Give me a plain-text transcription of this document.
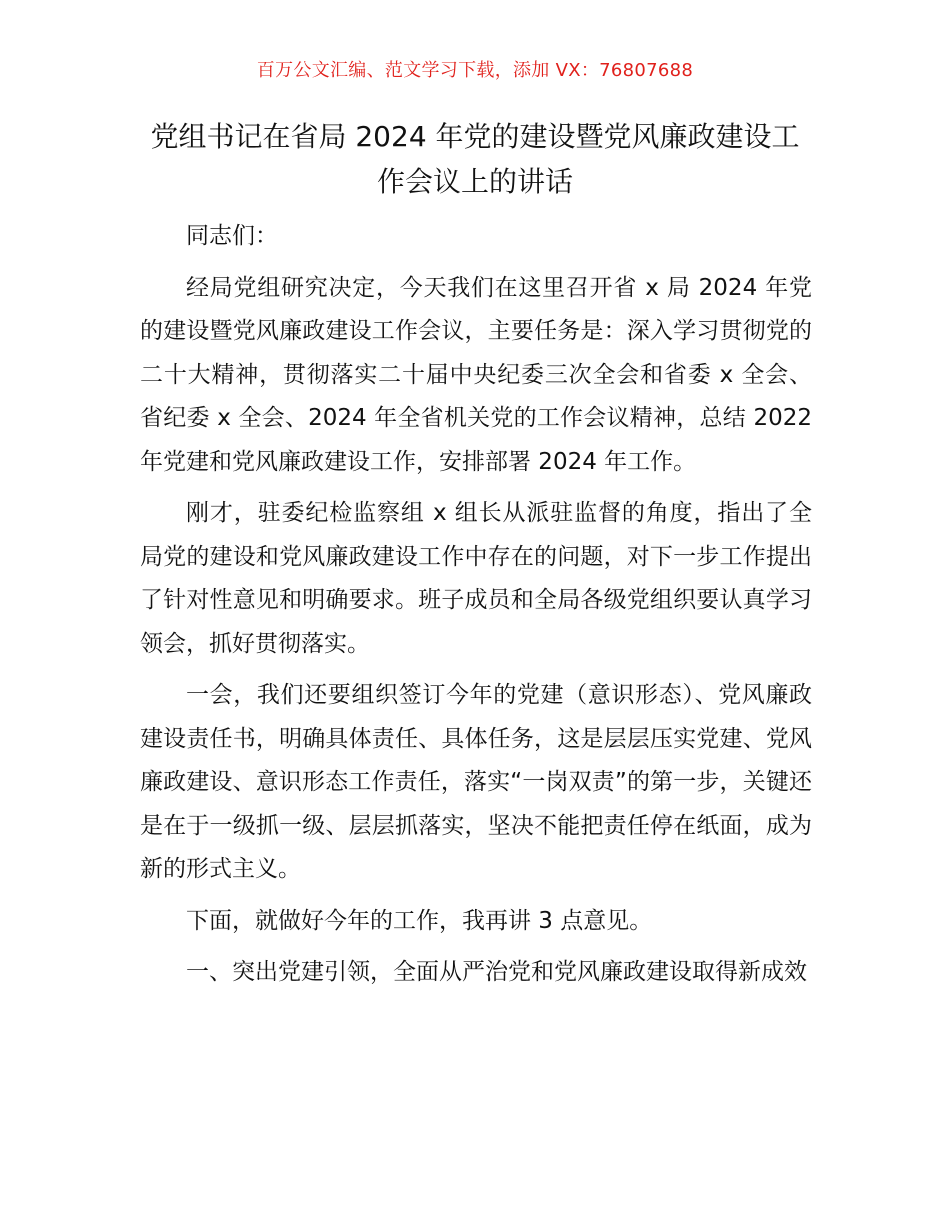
百万公文汇编、范文学习下载，添加 VX：76807688
党组书记在省局 2024 年党的建设暨党风廉政建设工作会议上的讲话

同志们：

经局党组研究决定，今天我们在这里召开省 x 局 2024 年党的建设暨党风廉政建设工作会议，主要任务是：深入学习贯彻党的二十大精神，贯彻落实二十届中央纪委三次全会和省委 x 全会、省纪委 x 全会、2024 年全省机关党的工作会议精神，总结 2022 年党建和党风廉政建设工作，安排部署 2024 年工作。

刚才，驻委纪检监察组 x 组长从派驻监督的角度，指出了全局党的建设和党风廉政建设工作中存在的问题，对下一步工作提出了针对性意见和明确要求。班子成员和全局各级党组织要认真学习领会，抓好贯彻落实。

一会，我们还要组织签订今年的党建（意识形态）、党风廉政建设责任书，明确具体责任、具体任务，这是层层压实党建、党风廉政建设、意识形态工作责任，落实“一岗双责”的第一步，关键还是在于一级抓一级、层层抓落实，坚决不能把责任停在纸面，成为新的形式主义。

下面，就做好今年的工作，我再讲 3 点意见。

一、突出党建引领，全面从严治党和党风廉政建设取得新成效
